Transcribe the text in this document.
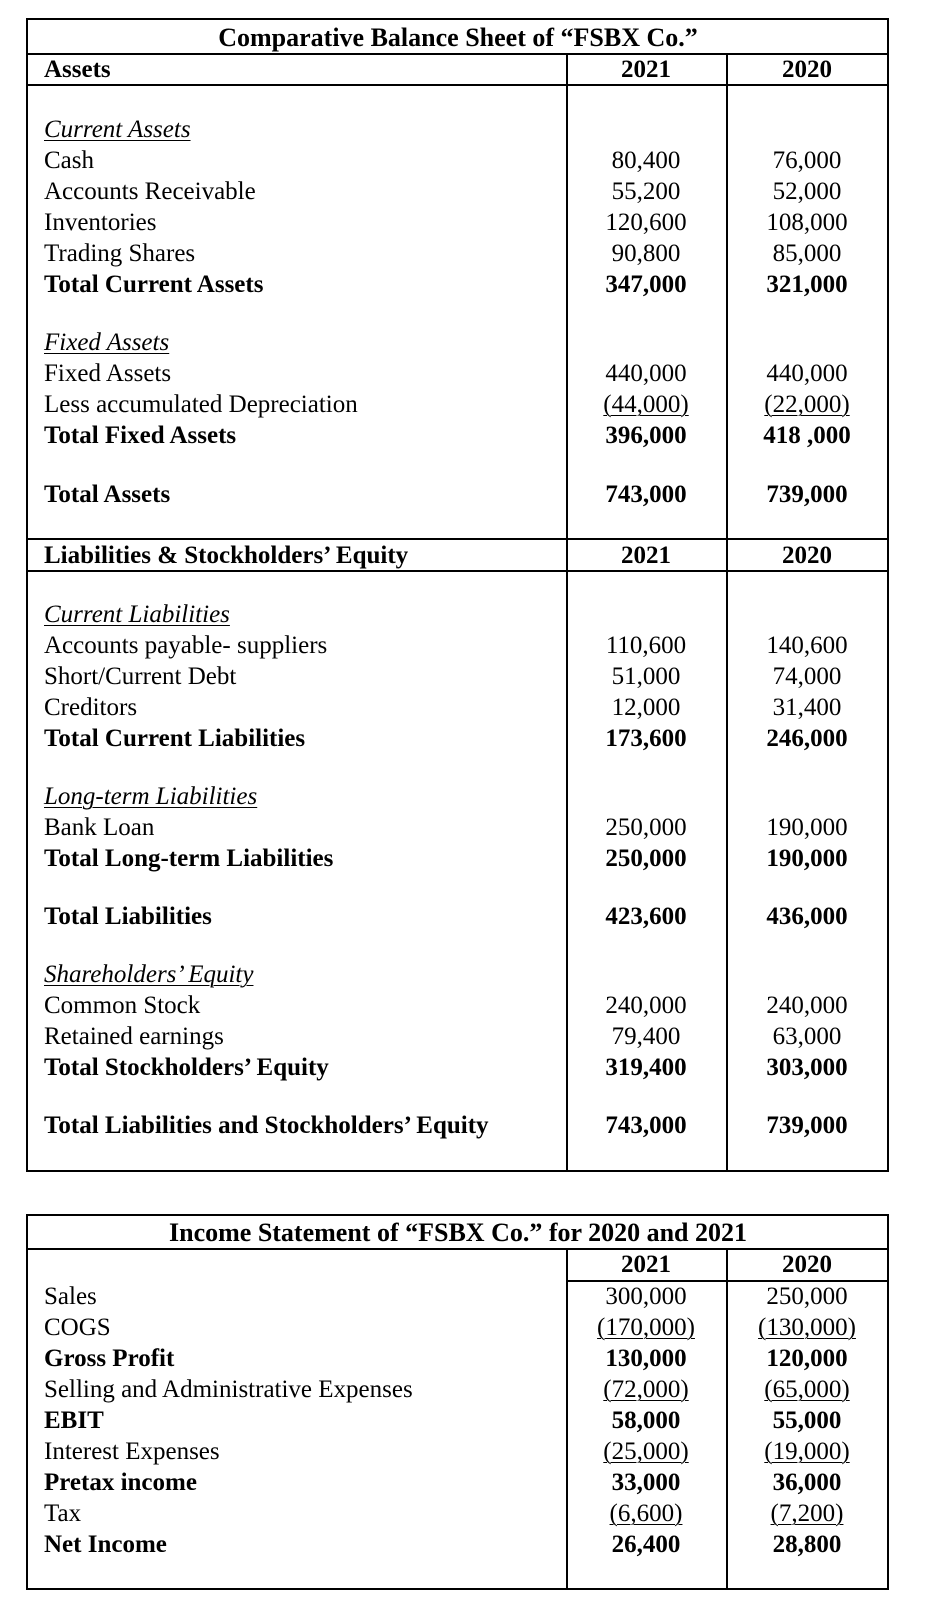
Comparative Balance Sheet of “FSBX Co.”
Assets	2021	2020
Current Assets
Cash	80,400	76,000
Accounts Receivable	55,200	52,000
Inventories	120,600	108,000
Trading Shares	90,800	85,000
Total Current Assets	347,000	321,000
Fixed Assets
Fixed Assets	440,000	440,000
Less accumulated Depreciation	(44,000)	(22,000)
Total Fixed Assets	396,000	418 ,000
Total Assets	743,000	739,000
Liabilities & Stockholders’ Equity	2021	2020
Current Liabilities
Accounts payable- suppliers	110,600	140,600
Short/Current Debt	51,000	74,000
Creditors	12,000	31,400
Total Current Liabilities	173,600	246,000
Long-term Liabilities
Bank Loan	250,000	190,000
Total Long-term Liabilities	250,000	190,000
Total Liabilities	423,600	436,000
Shareholders’ Equity
Common Stock	240,000	240,000
Retained earnings	79,400	63,000
Total Stockholders’ Equity	319,400	303,000
Total Liabilities and Stockholders’ Equity	743,000	739,000
Income Statement of “FSBX Co.” for 2020 and 2021
2021	2020
Sales	300,000	250,000
COGS	(170,000)	(130,000)
Gross Profit	130,000	120,000
Selling and Administrative Expenses	(72,000)	(65,000)
EBIT	58,000	55,000
Interest Expenses	(25,000)	(19,000)
Pretax income	33,000	36,000
Tax	(6,600)	(7,200)
Net Income	26,400	28,800
